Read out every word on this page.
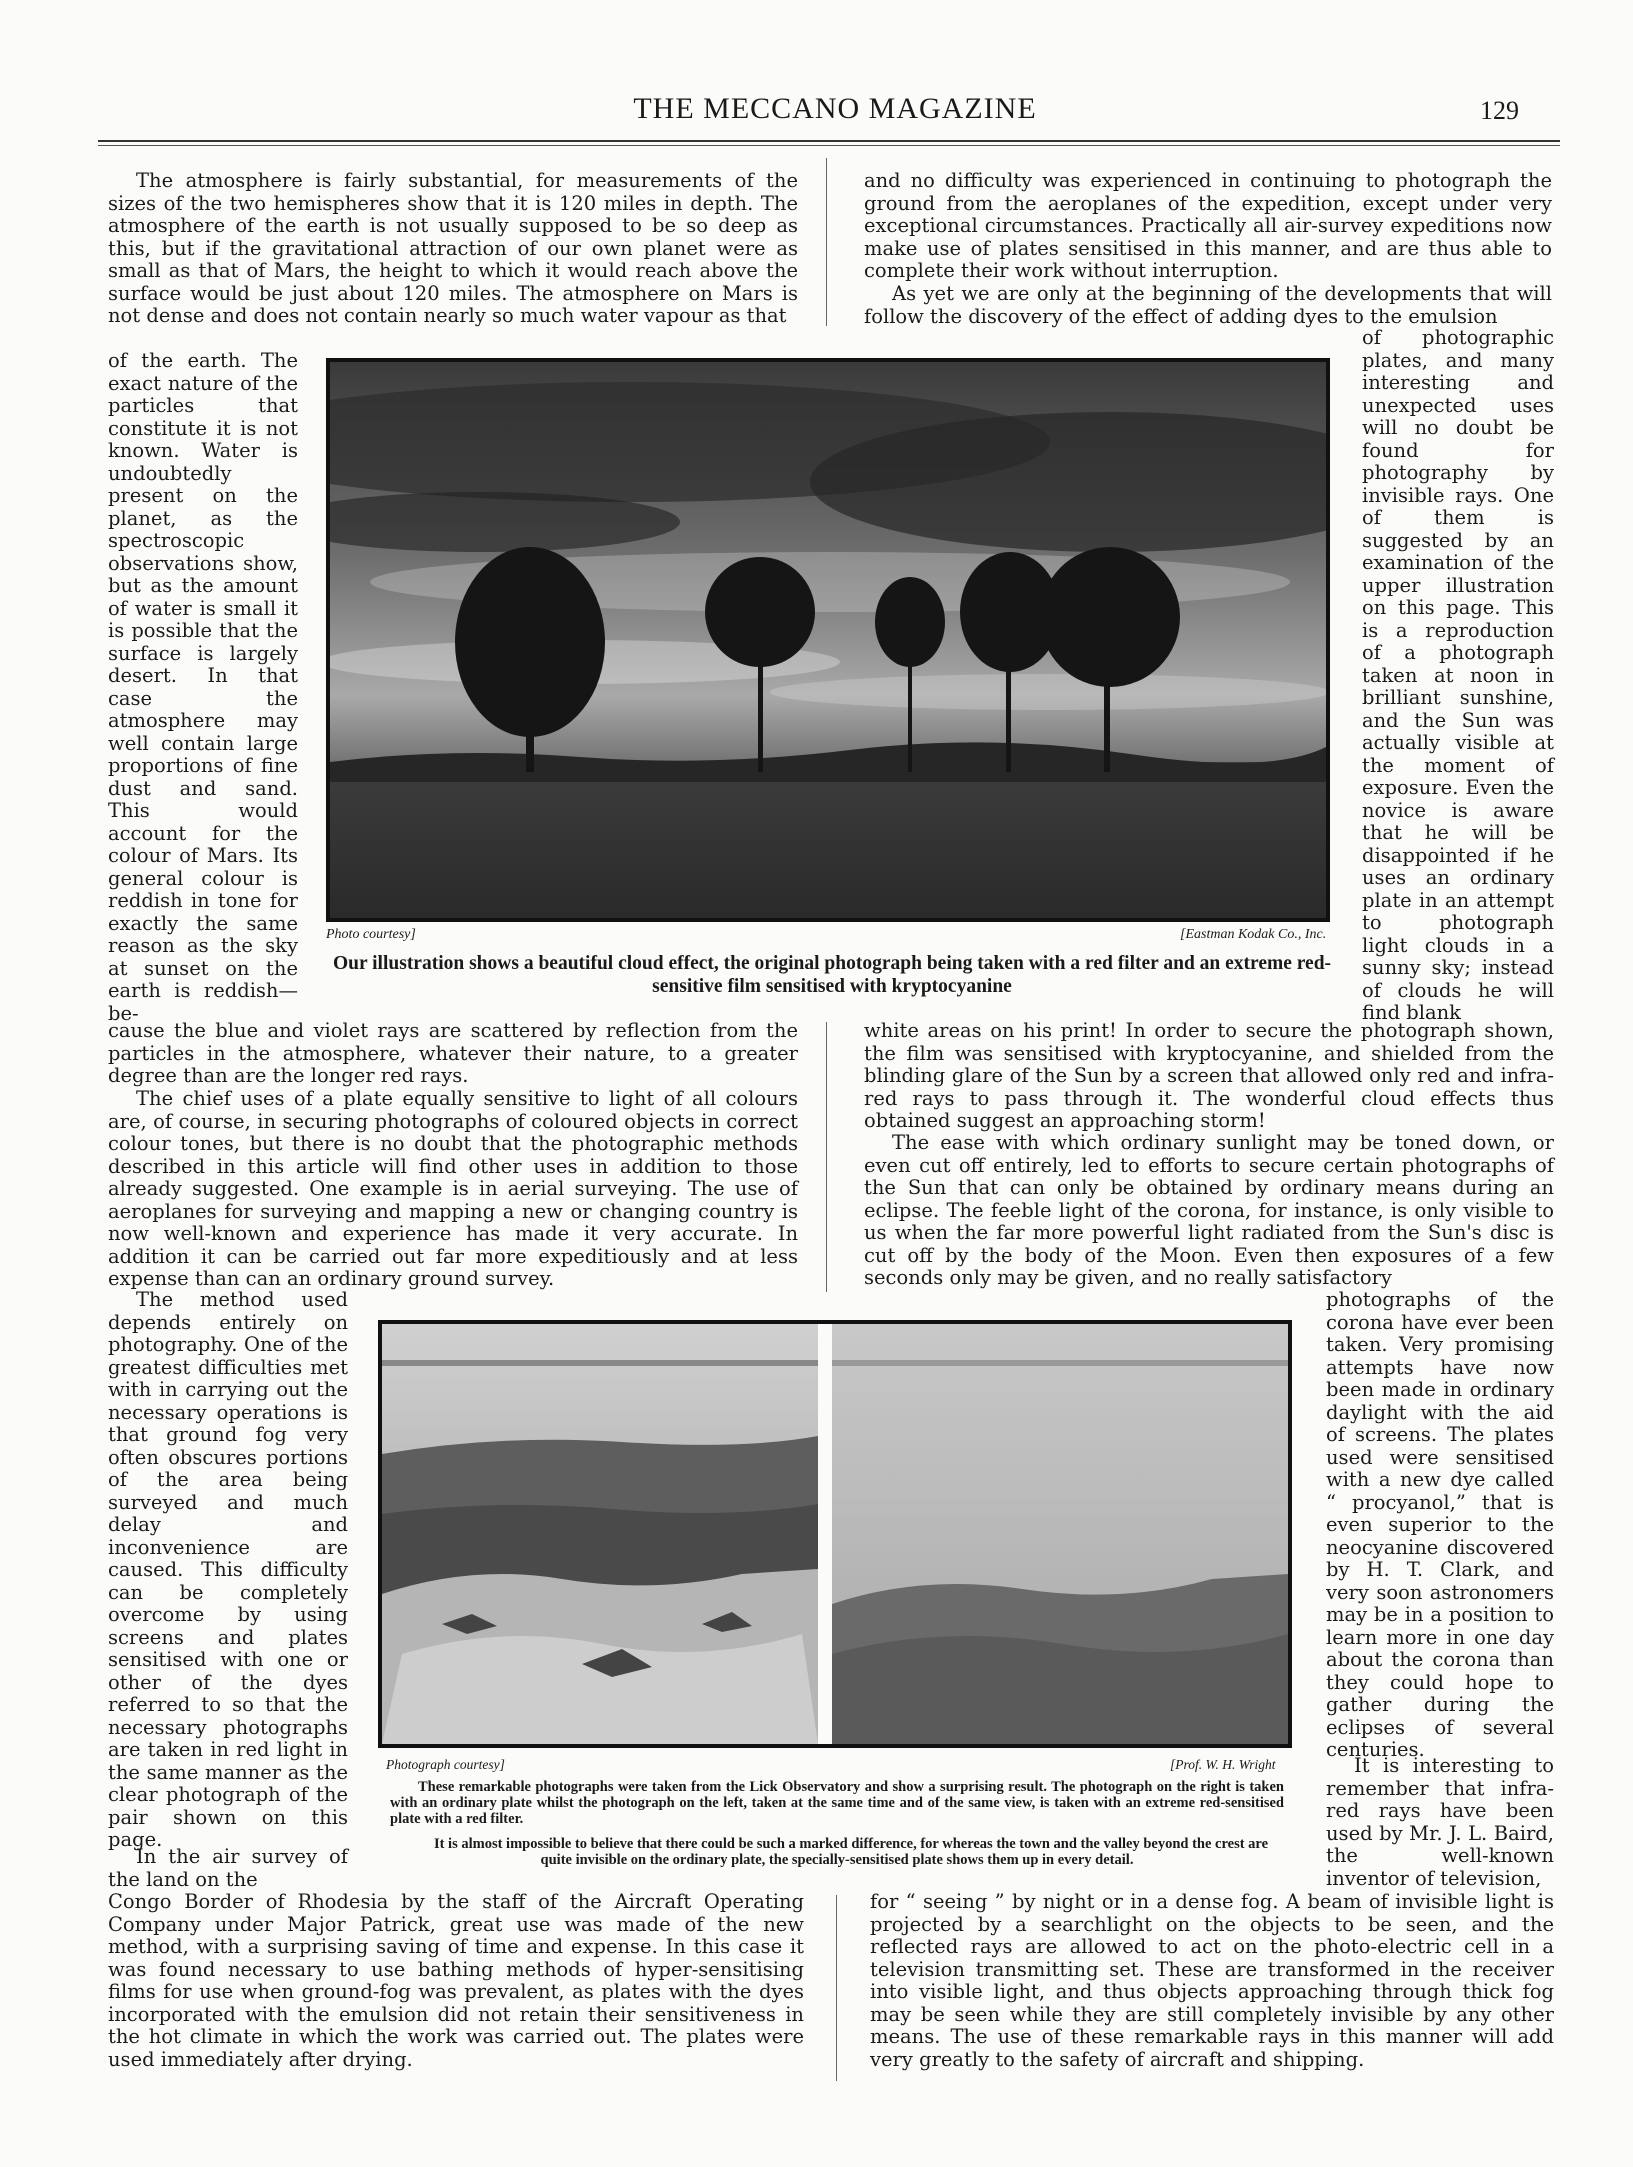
THE MECCANO MAGAZINE	129

The atmosphere is fairly substantial, for measurements of the sizes of the two hemispheres show that it is 120 miles in depth. The atmosphere of the earth is not usually supposed to be so deep as this, but if the gravitational attraction of our own planet were as small as that of Mars, the height to which it would reach above the surface would be just about 120 miles. The atmosphere on Mars is not dense and does not contain nearly so much water vapour as that

of the earth. The exact nature of the particles that constitute it is not known. Water is undoubtedly present on the planet, as the spectroscopic observations show, but as the amount of water is small it is possible that the surface is largely desert. In that case the atmosphere may well contain large proportions of fine dust and sand. This would account for the colour of Mars. Its general colour is reddish in tone for exactly the same reason as the sky at sunset on the earth is reddish—be-

and no difficulty was experienced in continuing to photograph the ground from the aeroplanes of the expedition, except under very exceptional circumstances. Practically all air-survey expeditions now make use of plates sensitised in this manner, and are thus able to complete their work without interruption.

As yet we are only at the beginning of the developments that will follow the discovery of the effect of adding dyes to the emulsion

of photographic plates, and many interesting and unexpected uses will no doubt be found for photography by invisible rays. One of them is suggested by an examination of the upper illustration on this page. This is a reproduction of a photograph taken at noon in brilliant sunshine, and the Sun was actually visible at the moment of exposure. Even the novice is aware that he will be disappointed if he uses an ordinary plate in an attempt to photograph light clouds in a sunny sky; instead of clouds he will find blank

Photo courtesy]	[Eastman Kodak Co., Inc.

Our illustration shows a beautiful cloud effect, the original photograph being taken with a red filter and an extreme red-sensitive film sensitised with kryptocyanine

cause the blue and violet rays are scattered by reflection from the particles in the atmosphere, whatever their nature, to a greater degree than are the longer red rays.

The chief uses of a plate equally sensitive to light of all colours are, of course, in securing photographs of coloured objects in correct colour tones, but there is no doubt that the photographic methods described in this article will find other uses in addition to those already suggested. One example is in aerial surveying. The use of aeroplanes for surveying and mapping a new or changing country is now well-known and experience has made it very accurate. In addition it can be carried out far more expeditiously and at less expense than can an ordinary ground survey.

white areas on his print! In order to secure the photograph shown, the film was sensitised with kryptocyanine, and shielded from the blinding glare of the Sun by a screen that allowed only red and infra-red rays to pass through it. The wonderful cloud effects thus obtained suggest an approaching storm!

The ease with which ordinary sunlight may be toned down, or even cut off entirely, led to efforts to secure certain photographs of the Sun that can only be obtained by ordinary means during an eclipse. The feeble light of the corona, for instance, is only visible to us when the far more powerful light radiated from the Sun's disc is cut off by the body of the Moon. Even then exposures of a few seconds only may be given, and no really satisfactory

The method used depends entirely on photography. One of the greatest difficulties met with in carrying out the necessary operations is that ground fog very often obscures portions of the area being surveyed and much delay and inconvenience are caused. This difficulty can be completely overcome by using screens and plates sensitised with one or other of the dyes referred to so that the necessary photographs are taken in red light in the same manner as the clear photograph of the pair shown on this page.

In the air survey of the land on the

photographs of the corona have ever been taken. Very promising attempts have now been made in ordinary daylight with the aid of screens. The plates used were sensitised with a new dye called “ procyanol,” that is even superior to the neocyanine discovered by H. T. Clark, and very soon astronomers may be in a position to learn more in one day about the corona than they could hope to gather during the eclipses of several centuries.

It is interesting to remember that infra-red rays have been used by Mr. J. L. Baird, the well-known inventor of television,

Photograph courtesy]	[Prof. W. H. Wright

These remarkable photographs were taken from the Lick Observatory and show a surprising result. The photograph on the right is taken with an ordinary plate whilst the photograph on the left, taken at the same time and of the same view, is taken with an extreme red-sensitised plate with a red filter.

It is almost impossible to believe that there could be such a marked difference, for whereas the town and the valley beyond the crest are quite invisible on the ordinary plate, the specially-sensitised plate shows them up in every detail.

Congo Border of Rhodesia by the staff of the Aircraft Operating Company under Major Patrick, great use was made of the new method, with a surprising saving of time and expense. In this case it was found necessary to use bathing methods of hyper-sensitising films for use when ground-fog was prevalent, as plates with the dyes incorporated with the emulsion did not retain their sensitiveness in the hot climate in which the work was carried out. The plates were used immediately after drying.

for “ seeing ” by night or in a dense fog. A beam of invisible light is projected by a searchlight on the objects to be seen, and the reflected rays are allowed to act on the photo-electric cell in a television transmitting set. These are transformed in the receiver into visible light, and thus objects approaching through thick fog may be seen while they are still completely invisible by any other means. The use of these remarkable rays in this manner will add very greatly to the safety of aircraft and shipping.
